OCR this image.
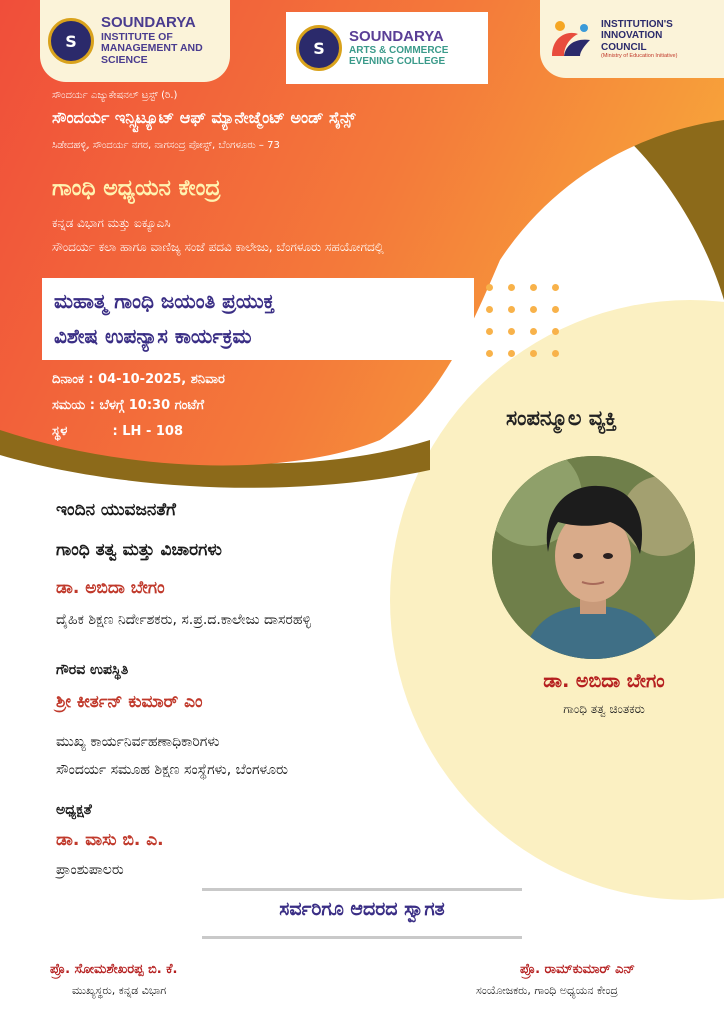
S
SOUNDARYA
INSTITUTE OF
MANAGEMENT AND
SCIENCE
S
SOUNDARYA
ARTS & COMMERCE
EVENING COLLEGE
INSTITUTION'S
INNOVATION
COUNCIL
(Ministry of Education Initiative)
ಸೌಂದರ್ಯ ಎಜ್ಯುಕೇಷನಲ್ ಟ್ರಸ್ಟ್ (ರಿ.)
ಸೌಂದರ್ಯ ಇನ್ಸ್ಟಿಟ್ಯೂಟ್ ಆಫ್ ಮ್ಯಾನೇಜ್ಮೆಂಟ್ ಅಂಡ್ ಸೈನ್ಸ್
ಸಿಡೇದಹಳ್ಳಿ, ಸೌಂದರ್ಯ ನಗರ, ನಾಗಸಂದ್ರ ಪೋಸ್ಟ್, ಬೆಂಗಳೂರು – 73
ಗಾಂಧಿ ಅಧ್ಯಯನ ಕೇಂದ್ರ
ಕನ್ನಡ ವಿಭಾಗ ಮತ್ತು ಐಕ್ಯೂಎಸಿ
ಸೌಂದರ್ಯ ಕಲಾ ಹಾಗೂ ವಾಣಿಜ್ಯ ಸಂಜೆ ಪದವಿ ಕಾಲೇಜು, ಬೆಂಗಳೂರು ಸಹಯೋಗದಲ್ಲಿ
ಮಹಾತ್ಮ ಗಾಂಧಿ ಜಯಂತಿ ಪ್ರಯುಕ್ತ
ವಿಶೇಷ ಉಪನ್ಯಾಸ ಕಾರ್ಯಕ್ರಮ
ದಿನಾಂಕ : 04-10-2025, ಶನಿವಾರ
ಸಮಯ : ಬೆಳಗ್ಗೆ 10:30 ಗಂಟೆಗೆ
ಸ್ಥಳ	: LH - 108
ಸಂಪನ್ಮೂಲ ವ್ಯಕ್ತಿ
ಡಾ. ಅಬಿದಾ ಬೇಗಂ
ಗಾಂಧಿ ತತ್ವ ಚಿಂತಕರು
ಇಂದಿನ ಯುವಜನತೆಗೆ
ಗಾಂಧಿ ತತ್ವ ಮತ್ತು ವಿಚಾರಗಳು
ಡಾ. ಅಬಿದಾ ಬೇಗಂ
ದೈಹಿಕ ಶಿಕ್ಷಣ ನಿರ್ದೇಶಕರು, ಸ.ಪ್ರ.ದ.ಕಾಲೇಜು ದಾಸರಹಳ್ಳಿ
ಗೌರವ ಉಪಸ್ಥಿತಿ
ಶ್ರೀ ಕೀರ್ತನ್ ಕುಮಾರ್ ಎಂ
ಮುಖ್ಯ ಕಾರ್ಯನಿರ್ವಹಣಾಧಿಕಾರಿಗಳು
ಸೌಂದರ್ಯ ಸಮೂಹ ಶಿಕ್ಷಣ ಸಂಸ್ಥೆಗಳು, ಬೆಂಗಳೂರು
ಅಧ್ಯಕ್ಷತೆ
ಡಾ. ವಾಸು ಬಿ. ಎ.
ಪ್ರಾಂಶುಪಾಲರು
ಸರ್ವರಿಗೂ ಆದರದ ಸ್ವಾಗತ
ಪ್ರೊ. ಸೋಮಶೇಖರಪ್ಪ ಬಿ. ಕೆ.
ಮುಖ್ಯಸ್ಥರು, ಕನ್ನಡ ವಿಭಾಗ
ಪ್ರೊ. ರಾಮ್‌ಕುಮಾರ್ ಎನ್
ಸಂಯೋಜಕರು, ಗಾಂಧಿ ಅಧ್ಯಯನ ಕೇಂದ್ರ
